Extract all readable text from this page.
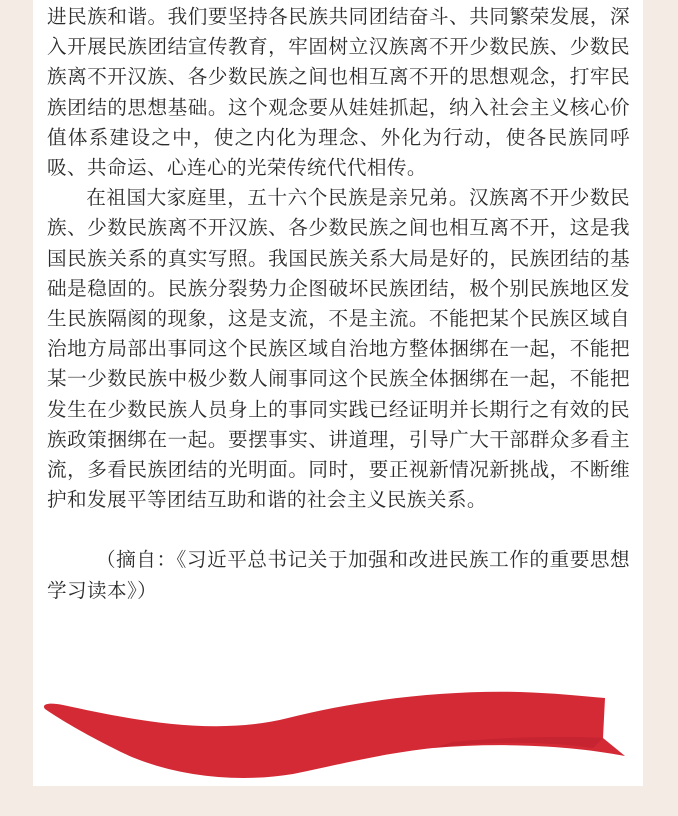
进民族和谐。我们要坚持各民族共同团结奋斗、共同繁荣发展，深入开展民族团结宣传教育，牢固树立汉族离不开少数民族、少数民族离不开汉族、各少数民族之间也相互离不开的思想观念，打牢民族团结的思想基础。这个观念要从娃娃抓起，纳入社会主义核心价值体系建设之中，使之内化为理念、外化为行动，使各民族同呼吸、共命运、心连心的光荣传统代代相传。

在祖国大家庭里，五十六个民族是亲兄弟。汉族离不开少数民族、少数民族离不开汉族、各少数民族之间也相互离不开，这是我国民族关系的真实写照。我国民族关系大局是好的，民族团结的基础是稳固的。民族分裂势力企图破坏民族团结，极个别民族地区发生民族隔阂的现象，这是支流，不是主流。不能把某个民族区域自治地方局部出事同这个民族区域自治地方整体捆绑在一起，不能把某一少数民族中极少数人闹事同这个民族全体捆绑在一起，不能把发生在少数民族人员身上的事同实践已经证明并长期行之有效的民族政策捆绑在一起。要摆事实、讲道理，引导广大干部群众多看主流，多看民族团结的光明面。同时，要正视新情况新挑战，不断维护和发展平等团结互助和谐的社会主义民族关系。

（摘自：《习近平总书记关于加强和改进民族工作的重要思想学习读本》）
